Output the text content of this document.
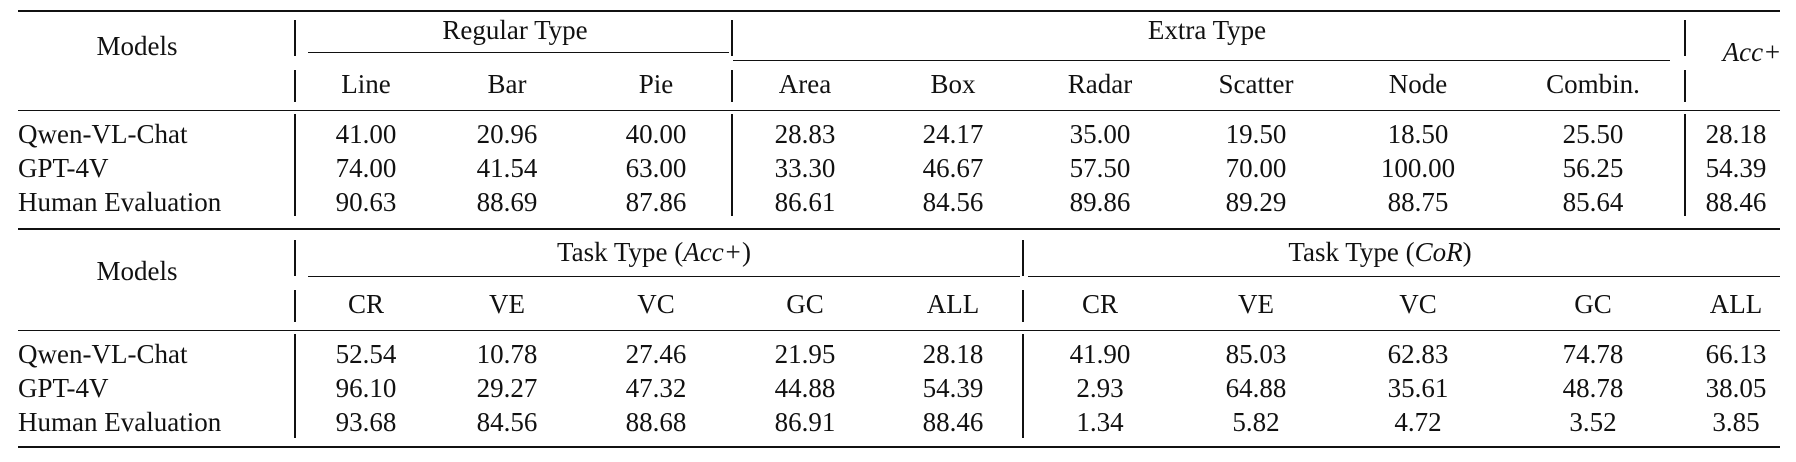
Models
Regular Type	Extra Type
Acc+
Line	Bar	Pie	Area	Box	Radar	Scatter	Node	Combin.
Qwen-VL-Chat	41.00	20.96	40.00	28.83	24.17	35.00	19.50	18.50	25.50	28.18
GPT-4V	74.00	41.54	63.00	33.30	46.67	57.50	70.00	100.00	56.25	54.39
Human Evaluation	90.63	88.69	87.86	86.61	84.56	89.86	89.29	88.75	85.64	88.46
Models
Task Type (Acc+)	Task Type (CoR)
CR	VE	VC	GC	ALL	CR	VE	VC	GC	ALL
Qwen-VL-Chat	52.54	10.78	27.46	21.95	28.18	41.90	85.03	62.83	74.78	66.13
GPT-4V	96.10	29.27	47.32	44.88	54.39	2.93	64.88	35.61	48.78	38.05
Human Evaluation	93.68	84.56	88.68	86.91	88.46	1.34	5.82	4.72	3.52	3.85
